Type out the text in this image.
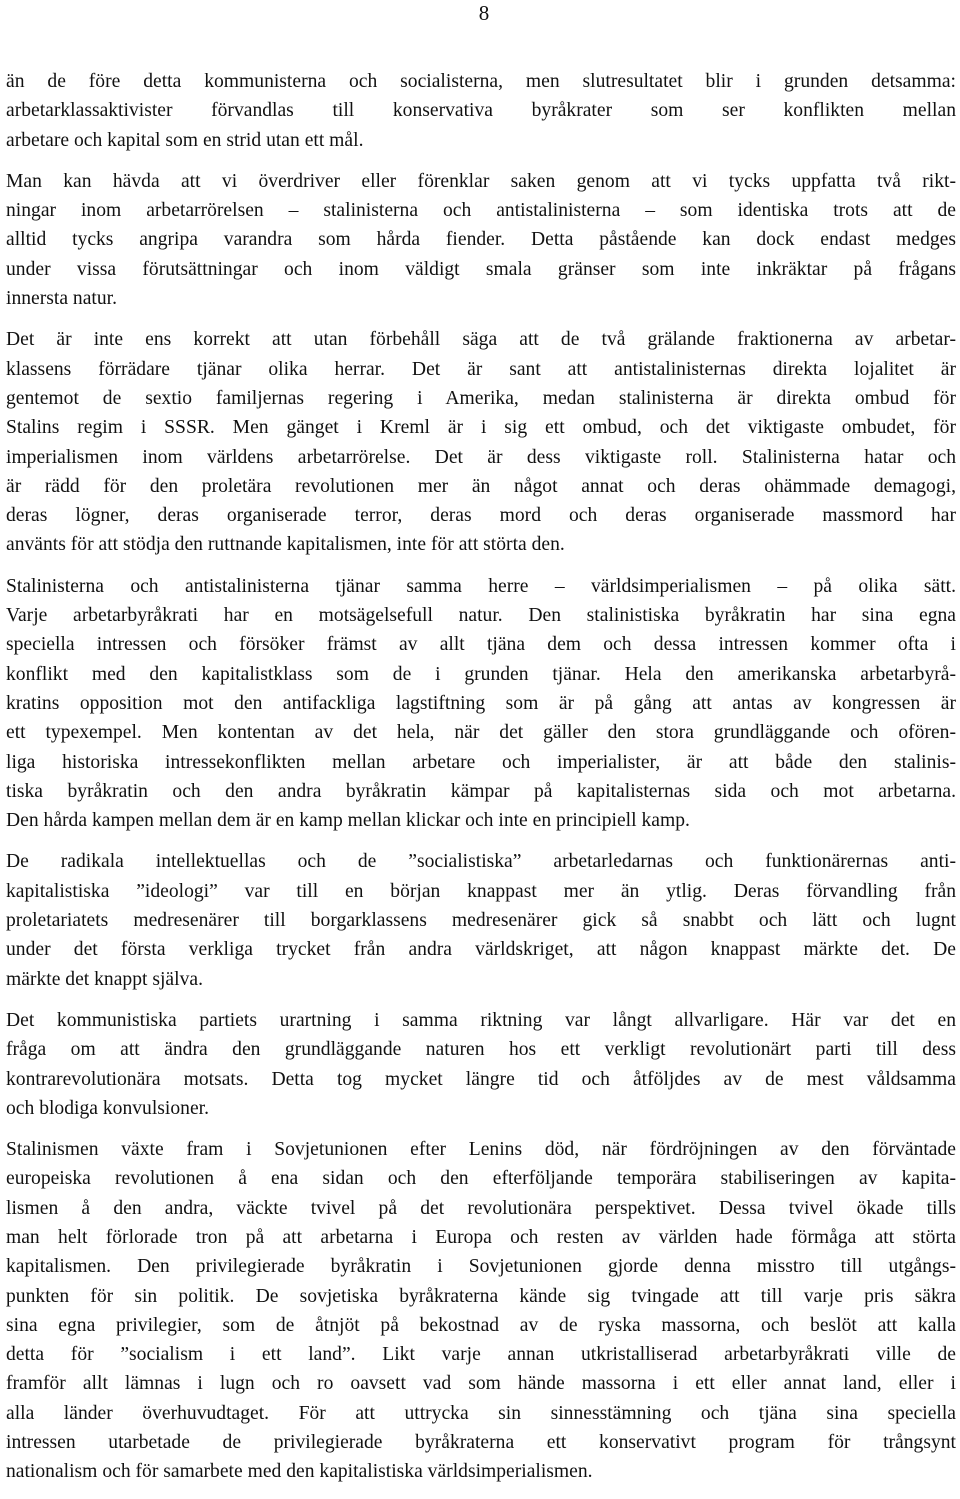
8
än de före detta kommunisterna och socialisterna, men slutresultatet blir i grunden detsamma:
arbetarklassaktivister förvandlas till konservativa byråkrater som ser konflikten mellan
arbetare och kapital som en strid utan ett mål.
Man kan hävda att vi överdriver eller förenklar saken genom att vi tycks uppfatta två rikt-
ningar inom arbetarrörelsen – stalinisterna och antistalinisterna – som identiska trots att de
alltid tycks angripa varandra som hårda fiender. Detta påstående kan dock endast medges
under vissa förutsättningar och inom väldigt smala gränser som inte inkräktar på frågans
innersta natur.
Det är inte ens korrekt att utan förbehåll säga att de två grälande fraktionerna av arbetar-
klassens förrädare tjänar olika herrar. Det är sant att antistalinisternas direkta lojalitet är
gentemot de sextio familjernas regering i Amerika, medan stalinisterna är direkta ombud för
Stalins regim i SSSR. Men gänget i Kreml är i sig ett ombud, och det viktigaste ombudet, för
imperialismen inom världens arbetarrörelse. Det är dess viktigaste roll. Stalinisterna hatar och
är rädd för den proletära revolutionen mer än något annat och deras ohämmade demagogi,
deras lögner, deras organiserade terror, deras mord och deras organiserade massmord har
använts för att stödja den ruttnande kapitalismen, inte för att störta den.
Stalinisterna och antistalinisterna tjänar samma herre – världsimperialismen – på olika sätt.
Varje arbetarbyråkrati har en motsägelsefull natur. Den stalinistiska byråkratin har sina egna
speciella intressen och försöker främst av allt tjäna dem och dessa intressen kommer ofta i
konflikt med den kapitalistklass som de i grunden tjänar. Hela den amerikanska arbetarbyrå-
kratins opposition mot den antifackliga lagstiftning som är på gång att antas av kongressen är
ett typexempel. Men kontentan av det hela, när det gäller den stora grundläggande och ofören-
liga historiska intressekonflikten mellan arbetare och imperialister, är att både den stalinis-
tiska byråkratin och den andra byråkratin kämpar på kapitalisternas sida och mot arbetarna.
Den hårda kampen mellan dem är en kamp mellan klickar och inte en principiell kamp.
De radikala intellektuellas och de ”socialistiska” arbetarledarnas och funktionärernas anti-
kapitalistiska ”ideologi” var till en början knappast mer än ytlig. Deras förvandling från
proletariatets medresenärer till borgarklassens medresenärer gick så snabbt och lätt och lugnt
under det första verkliga trycket från andra världskriget, att någon knappast märkte det. De
märkte det knappt själva.
Det kommunistiska partiets urartning i samma riktning var långt allvarligare. Här var det en
fråga om att ändra den grundläggande naturen hos ett verkligt revolutionärt parti till dess
kontrarevolutionära motsats. Detta tog mycket längre tid och åtföljdes av de mest våldsamma
och blodiga konvulsioner.
Stalinismen växte fram i Sovjetunionen efter Lenins död, när fördröjningen av den förväntade
europeiska revolutionen å ena sidan och den efterföljande temporära stabiliseringen av kapita-
lismen å den andra, väckte tvivel på det revolutionära perspektivet. Dessa tvivel ökade tills
man helt förlorade tron på att arbetarna i Europa och resten av världen hade förmåga att störta
kapitalismen. Den privilegierade byråkratin i Sovjetunionen gjorde denna misstro till utgångs-
punkten för sin politik. De sovjetiska byråkraterna kände sig tvingade att till varje pris säkra
sina egna privilegier, som de åtnjöt på bekostnad av de ryska massorna, och beslöt att kalla
detta för ”socialism i ett land”. Likt varje annan utkristalliserad arbetarbyråkrati ville de
framför allt lämnas i lugn och ro oavsett vad som hände massorna i ett eller annat land, eller i
alla länder överhuvudtaget. För att uttrycka sin sinnesstämning och tjäna sina speciella
intressen utarbetade de privilegierade byråkraterna ett konservativt program för trångsynt
nationalism och för samarbete med den kapitalistiska världsimperialismen.
